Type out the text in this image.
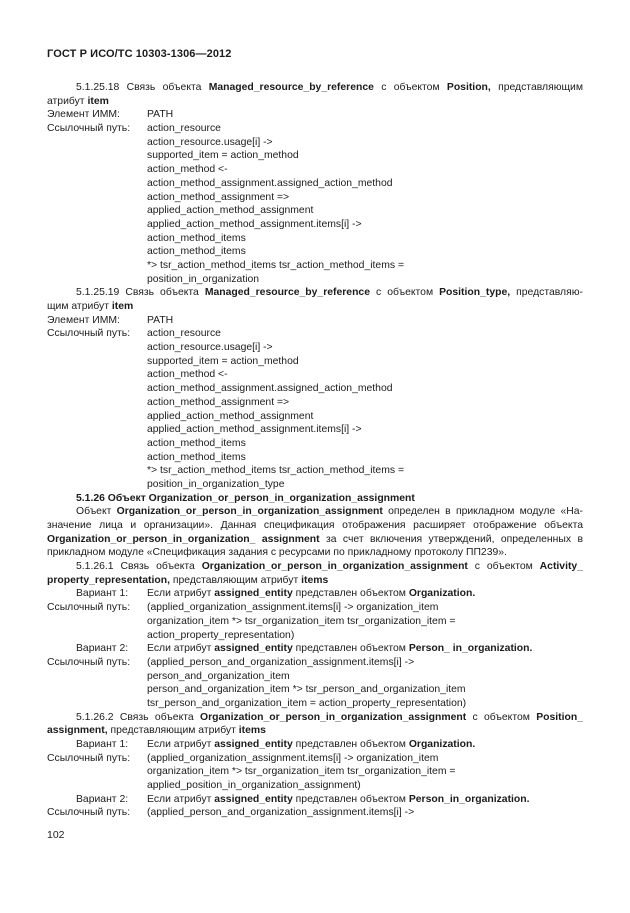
ГОСТ Р ИСО/ТС 10303-1306—2012
5.1.25.18 Связь объекта Managed_resource_by_reference с объектом Position, представляющим
атрибут item
Элемент ИММ:	PATH
Ссылочный путь: action_resource
action_resource.usage[i] ->
supported_item = action_method
action_method <-
action_method_assignment.assigned_action_method
action_method_assignment =>
applied_action_method_assignment
applied_action_method_assignment.items[i] ->
action_method_items
action_method_items
*> tsr_action_method_items tsr_action_method_items =
position_in_organization
5.1.25.19 Связь объекта Managed_resource_by_reference с объектом Position_type, представляю-
щим атрибут item
Элемент ИММ:	PATH
Ссылочный путь: action_resource
action_resource.usage[i] ->
supported_item = action_method
action_method <-
action_method_assignment.assigned_action_method
action_method_assignment =>
applied_action_method_assignment
applied_action_method_assignment.items[i] ->
action_method_items
action_method_items
*> tsr_action_method_items tsr_action_method_items =
position_in_organization_type
5.1.26 Объект Organization_or_person_in_organization_assignment
Объект Organization_or_person_in_organization_assignment определен в прикладном модуле «На-
значение лица и организации». Данная спецификация отображения расширяет отображение объекта
Organization_or_person_in_organization_ assignment за счет включения утверждений, определенных в
прикладном модуле «Спецификация задания с ресурсами по прикладному протоколу ПП239».
5.1.26.1 Связь объекта Organization_or_person_in_organization_assignment с объектом Activity_
property_representation, представляющим атрибут items
Вариант 1: Если атрибут assigned_entity представлен объектом Organization.
Ссылочный путь: (applied_organization_assignment.items[i] -> organization_item
organization_item *> tsr_organization_item tsr_organization_item =
action_property_representation)
Вариант 2: Если атрибут assigned_entity представлен объектом Person_ in_organization.
Ссылочный путь: (applied_person_and_organization_assignment.items[i] ->
person_and_organization_item
person_and_organization_item *> tsr_person_and_organization_item
tsr_person_and_organization_item = action_property_representation)
5.1.26.2 Связь объекта Organization_or_person_in_organization_assignment с объектом Position_
assignment, представляющим атрибут items
Вариант 1: Если атрибут assigned_entity представлен объектом Organization.
Ссылочный путь: (applied_organization_assignment.items[i] -> organization_item
organization_item *> tsr_organization_item tsr_organization_item =
applied_position_in_organization_assignment)
Вариант 2: Если атрибут assigned_entity представлен объектом Person_in_organization.
Ссылочный путь: (applied_person_and_organization_assignment.items[i] ->
102
